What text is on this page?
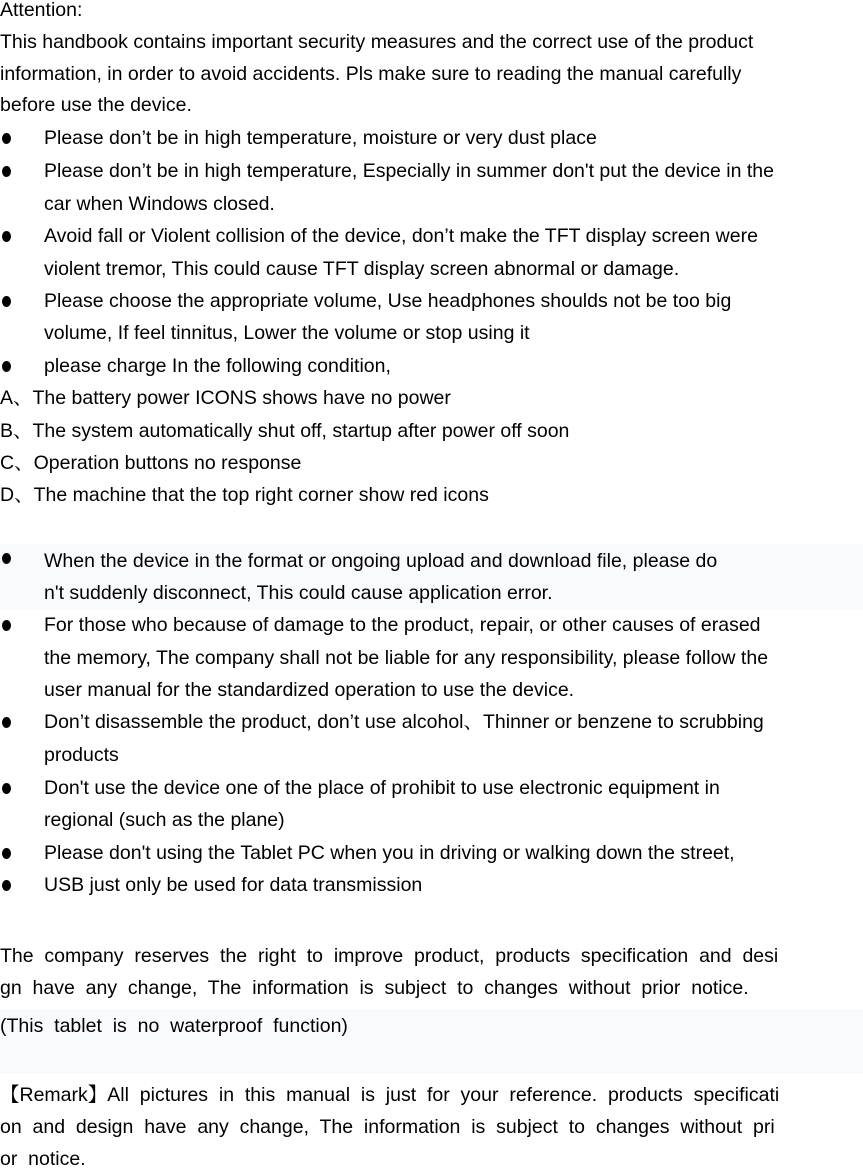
Attention:
This handbook contains important security measures and the correct use of the product
information, in order to avoid accidents. Pls make sure to reading the manual carefully
before use the device.
Please don’t be in high temperature, moisture or very dust place
Please don’t be in high temperature, Especially in summer don't put the device in the
car when Windows closed.
Avoid fall or Violent collision of the device, don’t make the TFT display screen were
violent tremor, This could cause TFT display screen abnormal or damage.
Please choose the appropriate volume, Use headphones shoulds not be too big
volume, If feel tinnitus, Lower the volume or stop using it
please charge In the following condition,
A、The battery power ICONS shows have no power
B、The system automatically shut off, startup after power off soon
C、Operation buttons no response
D、The machine that the top right corner show red icons
When the device in the format or ongoing upload and download file, please do
n't suddenly disconnect, This could cause application error.
For those who because of damage to the product, repair, or other causes of erased
the memory, The company shall not be liable for any responsibility, please follow the
user manual for the standardized operation to use the device.
Don’t disassemble the product, don’t use alcohol、Thinner or benzene to scrubbing
products
Don't use the device one of the place of prohibit to use electronic equipment in
regional (such as the plane)
Please don't using the Tablet PC when you in driving or walking down the street,
USB just only be used for data transmission
The  company  reserves  the  right  to  improve  product,  products  specification  and  desi
gn  have  any  change,  The  information  is  subject  to  changes  without  prior  notice.
(This  tablet  is  no  waterproof  function)
【Remark】All  pictures  in  this  manual  is  just  for  your  reference.  products  specificati
on  and  design  have  any  change,  The  information  is  subject  to  changes  without  pri
or  notice.
